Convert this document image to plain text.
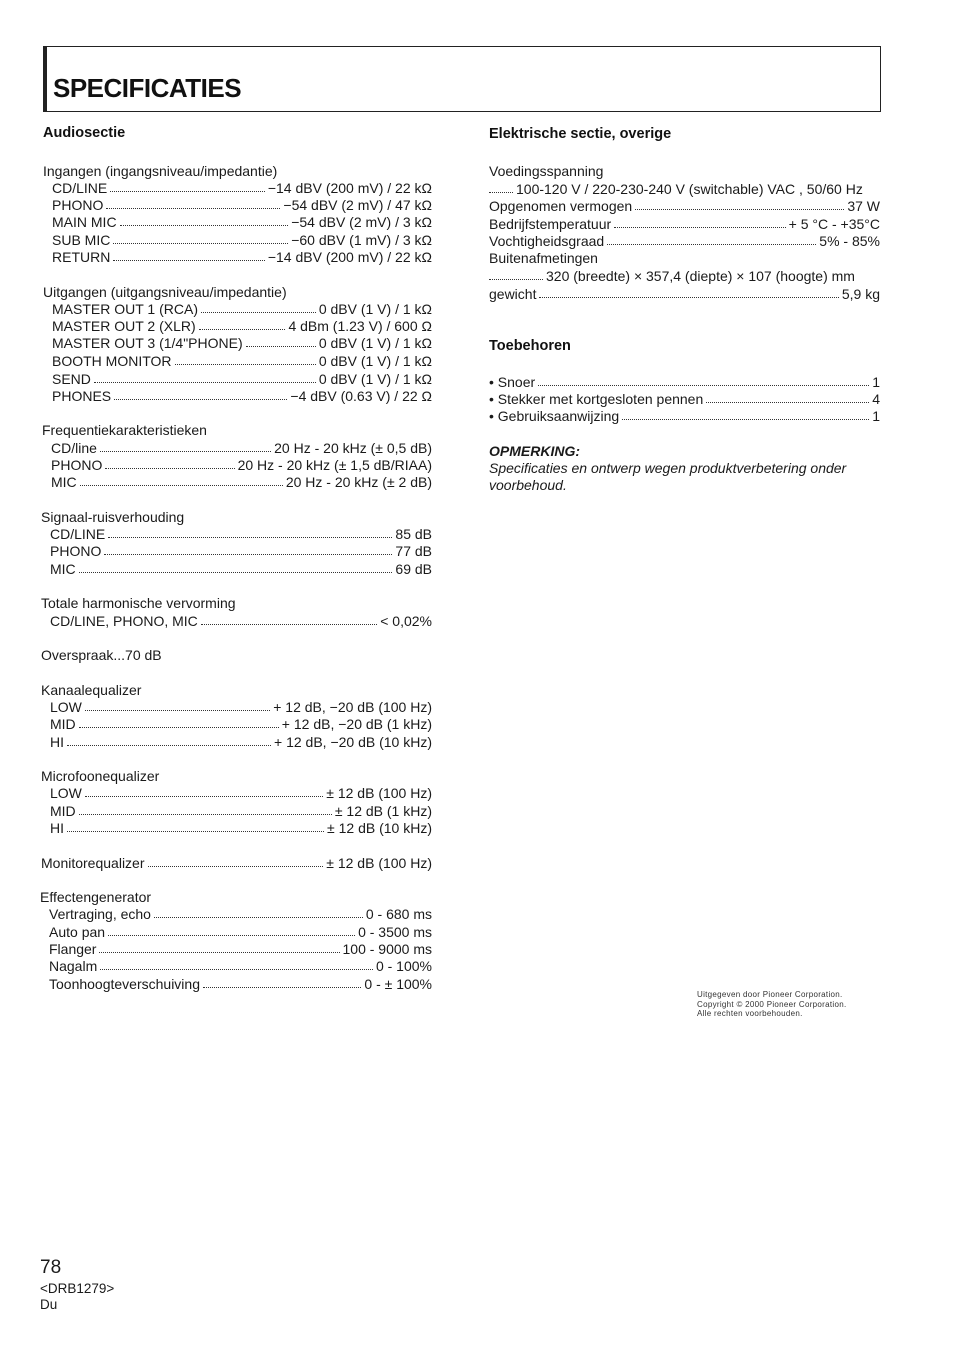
SPECIFICATIES
Audiosectie
Ingangen (ingangsniveau/impedantie)
CD/LINE	−14 dBV (200 mV) / 22 kΩ
PHONO	−54 dBV (2 mV) / 47 kΩ
MAIN MIC	−54 dBV (2 mV) / 3 kΩ
SUB MIC	−60 dBV (1 mV) / 3 kΩ
RETURN	−14 dBV (200 mV) / 22 kΩ
Uitgangen (uitgangsniveau/impedantie)
MASTER OUT 1 (RCA)	0 dBV (1 V) / 1 kΩ
MASTER OUT 2 (XLR)	4 dBm (1.23 V) / 600 Ω
MASTER OUT 3 (1/4"PHONE)	0 dBV (1 V) / 1 kΩ
BOOTH MONITOR	0 dBV (1 V) / 1 kΩ
SEND	0 dBV (1 V) / 1 kΩ
PHONES	−4 dBV (0.63 V) / 22 Ω
Frequentiekarakteristieken
CD/line	20 Hz - 20 kHz (± 0,5 dB)
PHONO	20 Hz - 20 kHz (± 1,5 dB/RIAA)
MIC	20 Hz - 20 kHz (± 2 dB)
Signaal-ruisverhouding
CD/LINE	85 dB
PHONO	77 dB
MIC	69 dB
Totale harmonische vervorming
CD/LINE, PHONO, MIC	< 0,02%
Overspraak...70 dB
Kanaalequalizer
LOW	+ 12 dB, −20 dB (100 Hz)
MID	+ 12 dB, −20 dB (1 kHz)
HI	+ 12 dB, −20 dB (10 kHz)
Microfoonequalizer
LOW	± 12 dB (100 Hz)
MID	± 12 dB (1 kHz)
HI	± 12 dB (10 kHz)
Monitorequalizer	± 12 dB (100 Hz)
Effectengenerator
Vertraging, echo	0 - 680 ms
Auto pan	0 - 3500 ms
Flanger	100 - 9000 ms
Nagalm	0 - 100%
Toonhoogteverschuiving	0 - ± 100%
Elektrische sectie, overige
Voedingsspanning
100-120 V / 220-230-240 V (switchable) VAC , 50/60 Hz
Opgenomen vermogen	37 W
Bedrijfstemperatuur	+ 5 °C - +35°C
Vochtigheidsgraad	5% - 85%
Buitenafmetingen
320 (breedte) × 357,4 (diepte) × 107 (hoogte) mm
gewicht	5,9 kg
Toebehoren
• Snoer	1
• Stekker met kortgesloten pennen	4
• Gebruiksaanwijzing	1
OPMERKING:
Specificaties en ontwerp wegen produktverbetering onder
voorbehoud.
Uitgegeven door Pioneer Corporation.
Copyright © 2000 Pioneer Corporation.
Alle rechten voorbehouden.
78
<DRB1279>
Du
